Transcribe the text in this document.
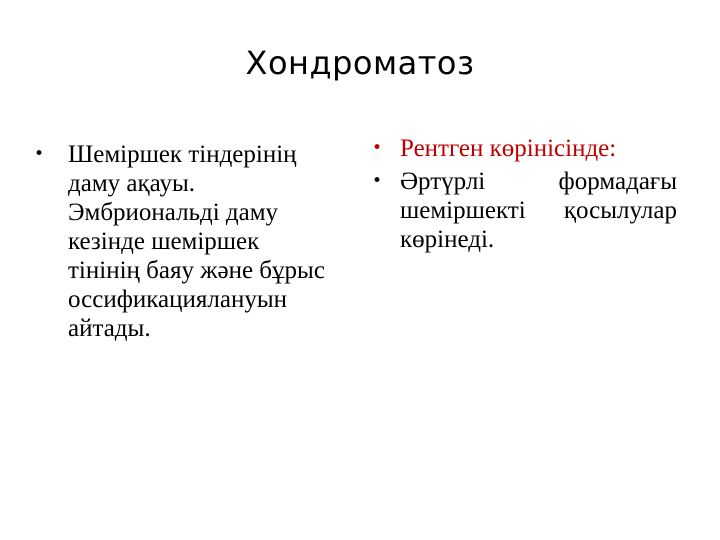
Хондроматоз

• Шеміршек тіндерінің даму ақауы. Эмбриональді даму кезінде шеміршек тінінің баяу және бұрыс оссификациялануын айтады.

• Рентген көрінісінде:

• Әртүрлі формадағы шеміршекті қосылулар көрінеді.
